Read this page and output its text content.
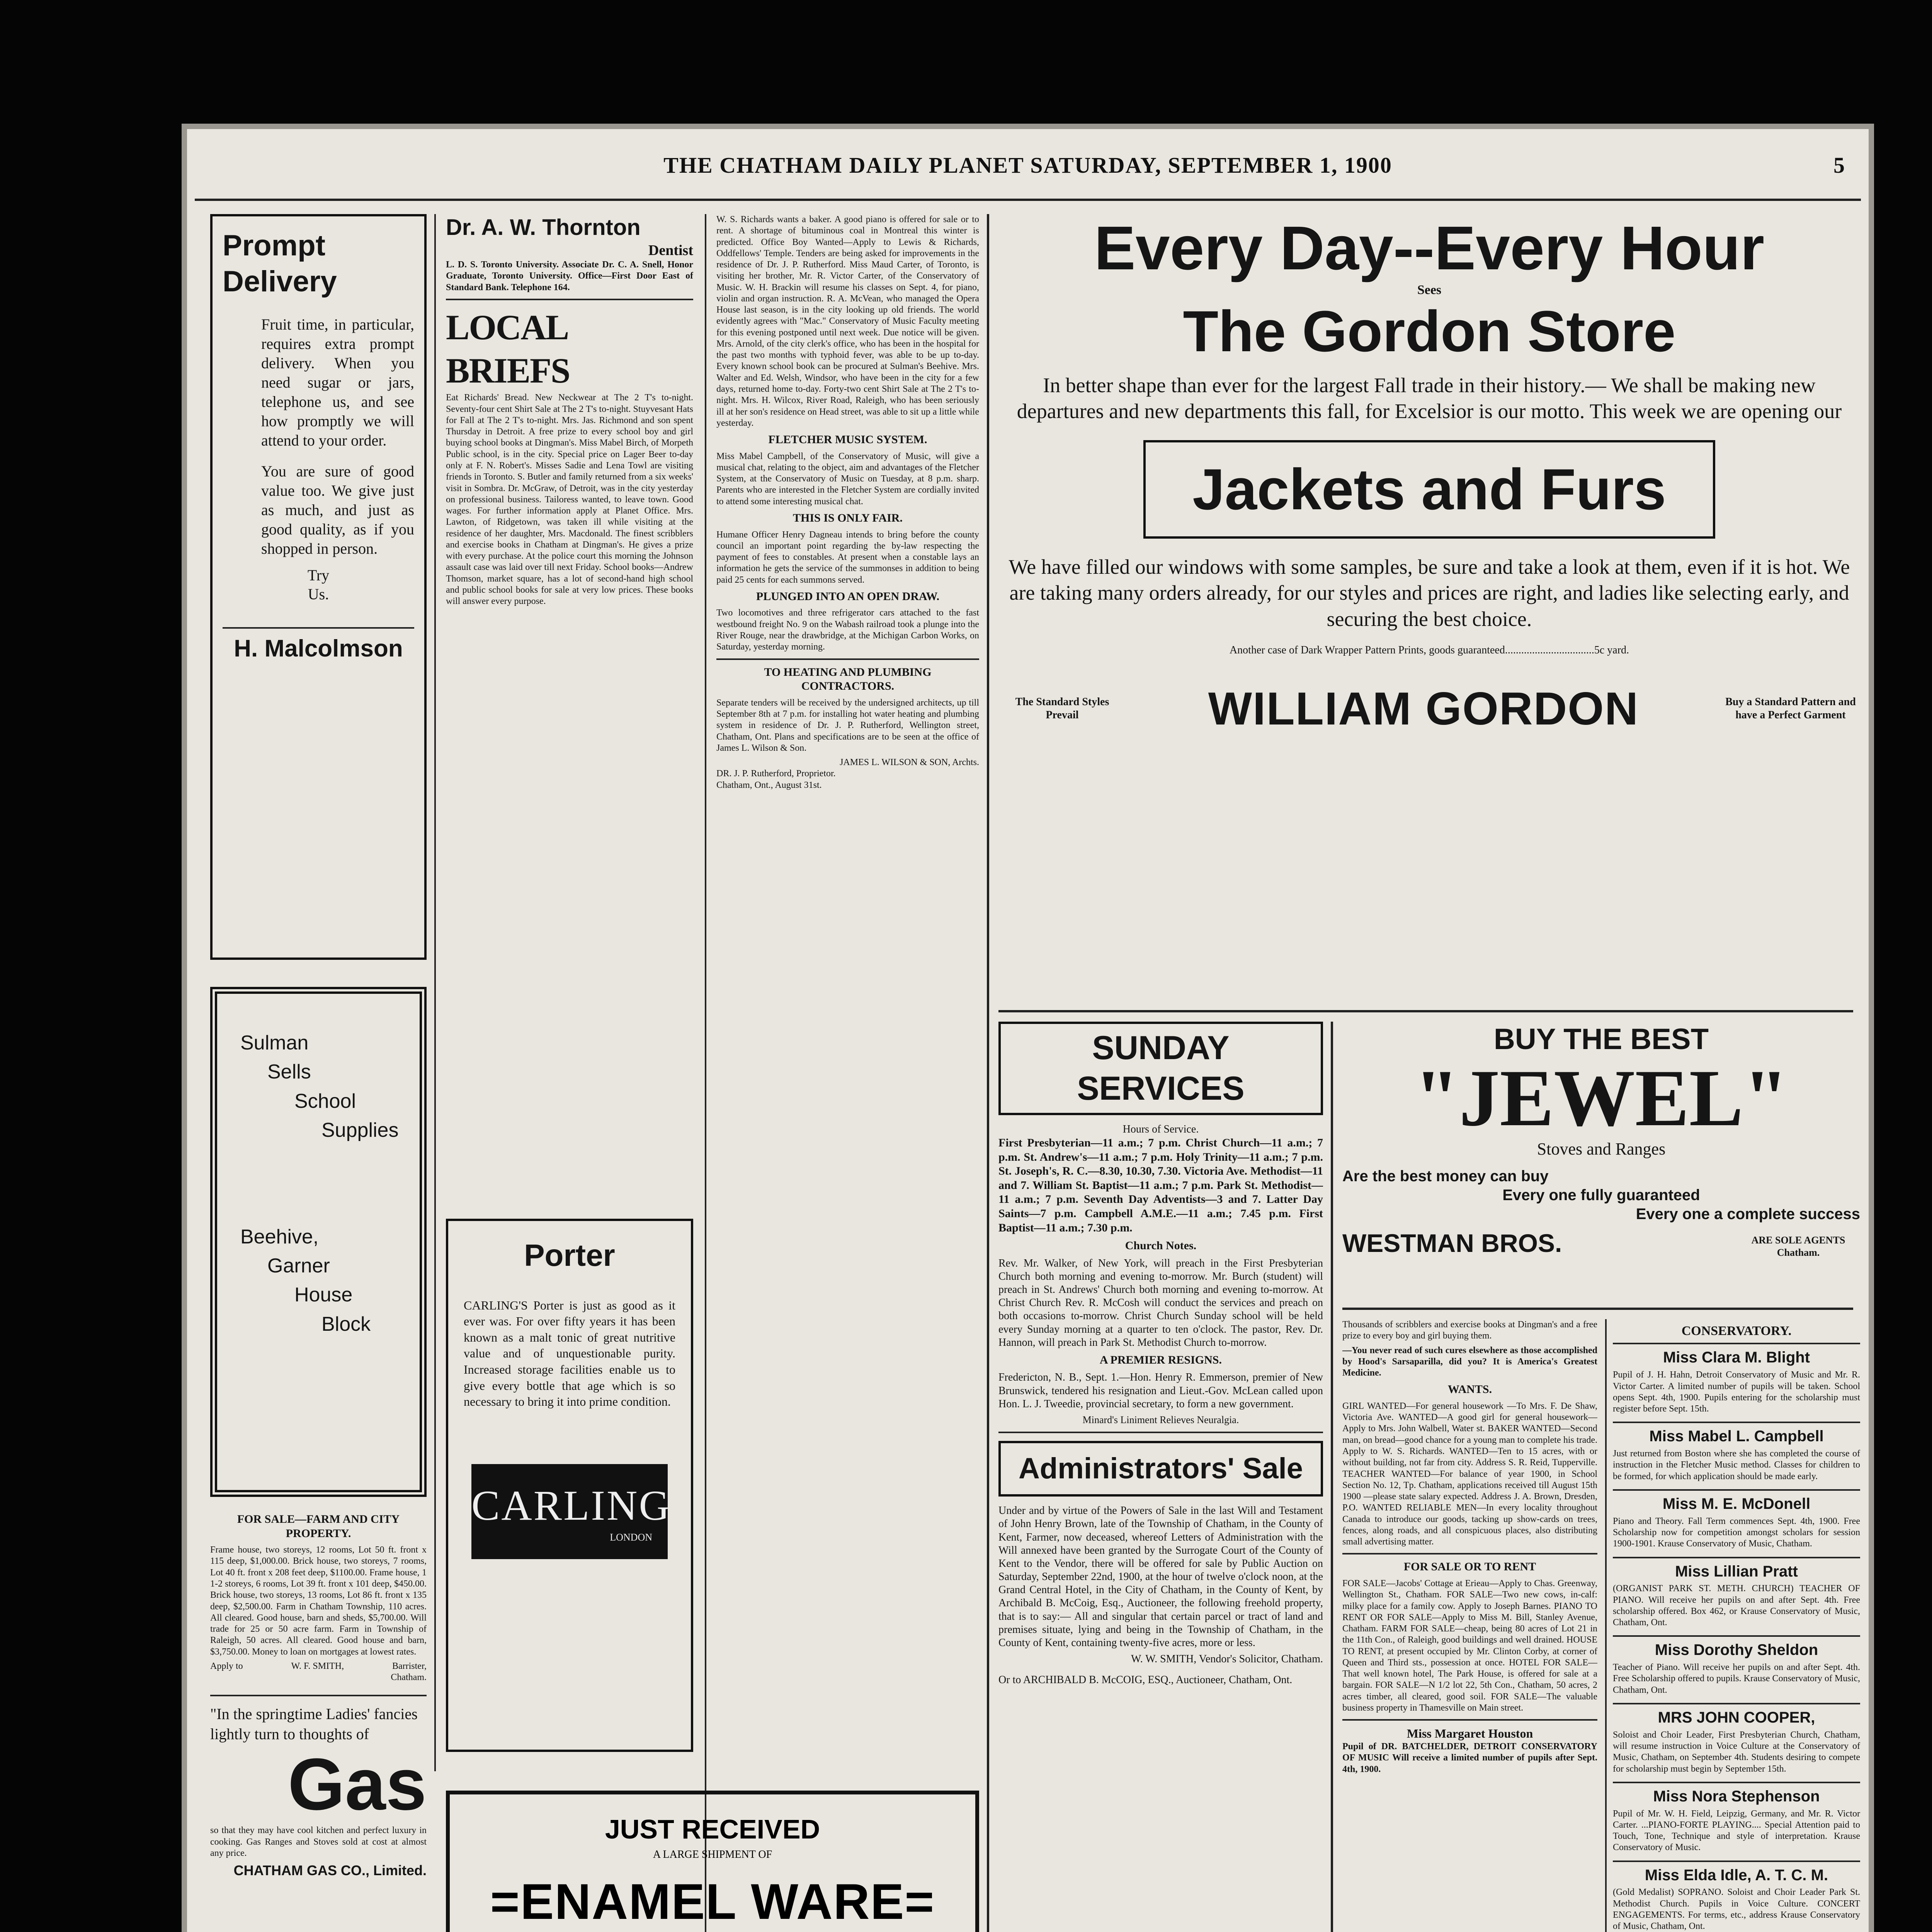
THE CHATHAM DAILY PLANET SATURDAY, SEPTEMBER 1, 1900	5
Prompt
Delivery

Fruit time, in particular, requires extra prompt delivery. When you need sugar or jars, telephone us, and see how promptly we will attend to your order.

You are sure of good value too. We give just as much, and just as good quality, as if you shopped in person.

Try
Us.
H. Malcolmson
Sulman
Sells
School
Supplies
Beehive,
Garner
House
Block
FOR SALE—FARM AND CITY PROPERTY.

Frame house, two storeys, 12 rooms, Lot 50 ft. front x 115 deep, $1,000.00. Brick house, two storeys, 7 rooms, Lot 40 ft. front x 208 feet deep, $1100.00. Frame house, 1 1-2 storeys, 6 rooms, Lot 39 ft. front x 101 deep, $450.00. Brick house, two storeys, 13 rooms, Lot 86 ft. front x 135 deep, $2,500.00. Farm in Chatham Township, 110 acres. All cleared. Good house, barn and sheds, $5,700.00. Will trade for 25 or 50 acre farm. Farm in Township of Raleigh, 50 acres. All cleared. Good house and barn, $3,750.00. Money to loan on mortgages at lowest rates.

Apply to	W. F. SMITH,	Barrister,
Chatham.
"In the springtime Ladies' fancies lightly turn to thoughts of
Gas

so that they may have cool kitchen and perfect luxury in cooking. Gas Ranges and Stoves sold at cost at almost any price.

CHATHAM GAS CO., Limited.
Dr. A. W. Thornton
Dentist

L. D. S. Toronto University. Associate Dr. C. A. Snell, Honor Graduate, Toronto University. Office—First Door East of Standard Bank. Telephone 164.

LOCAL BRIEFS

Eat Richards' Bread. New Neckwear at The 2 T's to-night. Seventy-four cent Shirt Sale at The 2 T's to-night. Stuyvesant Hats for Fall at The 2 T's to-night. Mrs. Jas. Richmond and son spent Thursday in Detroit. A free prize to every school boy and girl buying school books at Dingman's. Miss Mabel Birch, of Morpeth Public school, is in the city. Special price on Lager Beer to-day only at F. N. Robert's. Misses Sadie and Lena Towl are visiting friends in Toronto. S. Butler and family returned from a six weeks' visit in Sombra. Dr. McGraw, of Detroit, was in the city yesterday on professional business. Tailoress wanted, to leave town. Good wages. For further information apply at Planet Office. Mrs. Lawton, of Ridgetown, was taken ill while visiting at the residence of her daughter, Mrs. Macdonald. The finest scribblers and exercise books in Chatham at Dingman's. He gives a prize with every purchase. At the police court this morning the Johnson assault case was laid over till next Friday. School books—Andrew Thomson, market square, has a lot of second-hand high school and public school books for sale at very low prices. These books will answer every purpose.

Porter

CARLING'S Porter is just as good as it ever was. For over fifty years it has been known as a malt tonic of great nutritive value and of unquestionable purity. Increased storage facilities enable us to give every bottle that age which is so necessary to bring it into prime condition.

CARLING
LONDON

W. S. Richards wants a baker. A good piano is offered for sale or to rent. A shortage of bituminous coal in Montreal this winter is predicted. Office Boy Wanted—Apply to Lewis & Richards, Oddfellows' Temple. Tenders are being asked for improvements in the residence of Dr. J. P. Rutherford. Miss Maud Carter, of Toronto, is visiting her brother, Mr. R. Victor Carter, of the Conservatory of Music. W. H. Brackin will resume his classes on Sept. 4, for piano, violin and organ instruction. R. A. McVean, who managed the Opera House last season, is in the city looking up old friends. The world evidently agrees with "Mac." Conservatory of Music Faculty meeting for this evening postponed until next week. Due notice will be given. Mrs. Arnold, of the city clerk's office, who has been in the hospital for the past two months with typhoid fever, was able to be up to-day. Every known school book can be procured at Sulman's Beehive. Mrs. Walter and Ed. Welsh, Windsor, who have been in the city for a few days, returned home to-day. Forty-two cent Shirt Sale at The 2 T's to-night. Mrs. H. Wilcox, River Road, Raleigh, who has been seriously ill at her son's residence on Head street, was able to sit up a little while yesterday.

FLETCHER MUSIC SYSTEM.

Miss Mabel Campbell, of the Conservatory of Music, will give a musical chat, relating to the object, aim and advantages of the Fletcher System, at the Conservatory of Music on Tuesday, at 8 p.m. sharp. Parents who are interested in the Fletcher System are cordially invited to attend some interesting musical chat.

THIS IS ONLY FAIR.

Humane Officer Henry Dagneau intends to bring before the county council an important point regarding the by-law respecting the payment of fees to constables. At present when a constable lays an information he gets the service of the summonses in addition to being paid 25 cents for each summons served.

PLUNGED INTO AN OPEN DRAW.

Two locomotives and three refrigerator cars attached to the fast westbound freight No. 9 on the Wabash railroad took a plunge into the River Rouge, near the drawbridge, at the Michigan Carbon Works, on Saturday, yesterday morning.

TO HEATING AND PLUMBING CONTRACTORS.

Separate tenders will be received by the undersigned architects, up till September 8th at 7 p.m. for installing hot water heating and plumbing system in residence of Dr. J. P. Rutherford, Wellington street, Chatham, Ont. Plans and specifications are to be seen at the office of James L. Wilson & Son.

JAMES L. WILSON & SON, Archts.
DR. J. P. Rutherford, Proprietor.
Chatham, Ont., August 31st.
JUST RECEIVED
A LARGE SHIPMENT OF
=ENAMEL WARE=
Every Day--Every Hour
Sees
The Gordon Store
In better shape than ever for the largest Fall trade in their history.— We shall be making new departures and new departments this fall, for Excelsior is our motto. This week we are opening our
Jackets and Furs
We have filled our windows with some samples, be sure and take a look at them, even if it is hot. We are taking many orders already, for our styles and prices are right, and ladies like selecting early, and securing the best choice.
Another case of Dark Wrapper Pattern Prints, goods guaranteed.................................5c yard.
The Standard Styles Prevail	WILLIAM GORDON	Buy a Standard Pattern and have a Perfect Garment
SUNDAY SERVICES
Hours of Service.

First Presbyterian—11 a.m.; 7 p.m. Christ Church—11 a.m.; 7 p.m. St. Andrew's—11 a.m.; 7 p.m. Holy Trinity—11 a.m.; 7 p.m. St. Joseph's, R. C.—8.30, 10.30, 7.30. Victoria Ave. Methodist—11 and 7. William St. Baptist—11 a.m.; 7 p.m. Park St. Methodist—11 a.m.; 7 p.m. Seventh Day Adventists—3 and 7. Latter Day Saints—7 p.m. Campbell A.M.E.—11 a.m.; 7.45 p.m. First Baptist—11 a.m.; 7.30 p.m.

Church Notes.

Rev. Mr. Walker, of New York, will preach in the First Presbyterian Church both morning and evening to-morrow. Mr. Burch (student) will preach in St. Andrews' Church both morning and evening to-morrow. At Christ Church Rev. R. McCosh will conduct the services and preach on both occasions to-morrow. Christ Church Sunday school will be held every Sunday morning at a quarter to ten o'clock. The pastor, Rev. Dr. Hannon, will preach in Park St. Methodist Church to-morrow.

A PREMIER RESIGNS.

Fredericton, N. B., Sept. 1.—Hon. Henry R. Emmerson, premier of New Brunswick, tendered his resignation and Lieut.-Gov. McLean called upon Hon. L. J. Tweedie, provincial secretary, to form a new government.

Minard's Liniment Relieves Neuralgia.
Administrators' Sale

Under and by virtue of the Powers of Sale in the last Will and Testament of John Henry Brown, late of the Township of Chatham, in the County of Kent, Farmer, now deceased, whereof Letters of Administration with the Will annexed have been granted by the Surrogate Court of the County of Kent to the Vendor, there will be offered for sale by Public Auction on Saturday, September 22nd, 1900, at the hour of twelve o'clock noon, at the Grand Central Hotel, in the City of Chatham, in the County of Kent, by Archibald B. McCoig, Esq., Auctioneer, the following freehold property, that is to say:— All and singular that certain parcel or tract of land and premises situate, lying and being in the Township of Chatham, in the County of Kent, containing twenty-five acres, more or less.

W. W. SMITH, Vendor's Solicitor, Chatham.
Or to ARCHIBALD B. McCOIG, ESQ., Auctioneer, Chatham, Ont.
BUY THE BEST
"JEWEL"
Stoves and Ranges
Are the best money can buy
Every one fully guaranteed
Every one a complete success
WESTMAN BROS.	ARE SOLE AGENTS Chatham.

Thousands of scribblers and exercise books at Dingman's and a free prize to every boy and girl buying them.

—You never read of such cures elsewhere as those accomplished by Hood's Sarsaparilla, did you? It is America's Greatest Medicine.

WANTS.

GIRL WANTED—For general housework —To Mrs. F. De Shaw, Victoria Ave. WANTED—A good girl for general housework—Apply to Mrs. John Walbell, Water st. BAKER WANTED—Second man, on bread—good chance for a young man to complete his trade. Apply to W. S. Richards. WANTED—Ten to 15 acres, with or without building, not far from city. Address S. R. Reid, Tupperville. TEACHER WANTED—For balance of year 1900, in School Section No. 12, Tp. Chatham, applications received till August 15th 1900 —please state salary expected. Address J. A. Brown, Dresden, P.O. WANTED RELIABLE MEN—In every locality throughout Canada to introduce our goods, tacking up show-cards on trees, fences, along roads, and all conspicuous places, also distributing small advertising matter.

FOR SALE OR TO RENT

FOR SALE—Jacobs' Cottage at Erieau—Apply to Chas. Greenway, Wellington St., Chatham. FOR SALE—Two new cows, in-calf: milky place for a family cow. Apply to Joseph Barnes. PIANO TO RENT OR FOR SALE—Apply to Miss M. Bill, Stanley Avenue, Chatham. FARM FOR SALE—cheap, being 80 acres of Lot 21 in the 11th Con., of Raleigh, good buildings and well drained. HOUSE TO RENT, at present occupied by Mr. Clinton Corby, at corner of Queen and Third sts., possession at once. HOTEL FOR SALE—That well known hotel, The Park House, is offered for sale at a bargain. FOR SALE—N 1/2 lot 22, 5th Con., Chatham, 50 acres, 2 acres timber, all cleared, good soil. FOR SALE—The valuable business property in Thamesville on Main street.

Miss Margaret Houston

Pupil of DR. BATCHELDER, DETROIT CONSERVATORY OF MUSIC Will receive a limited number of pupils after Sept. 4th, 1900.

CONSERVATORY.
Miss Clara M. Blight

Pupil of J. H. Hahn, Detroit Conservatory of Music and Mr. R. Victor Carter. A limited number of pupils will be taken. School opens Sept. 4th, 1900. Pupils entering for the scholarship must register before Sept. 15th.

Miss Mabel L. Campbell

Just returned from Boston where she has completed the course of instruction in the Fletcher Music method. Classes for children to be formed, for which application should be made early.

Miss M. E. McDonell

Piano and Theory. Fall Term commences Sept. 4th, 1900. Free Scholarship now for competition amongst scholars for session 1900-1901. Krause Conservatory of Music, Chatham.

Miss Lillian Pratt

(ORGANIST PARK ST. METH. CHURCH) TEACHER OF PIANO. Will receive her pupils on and after Sept. 4th. Free scholarship offered. Box 462, or Krause Conservatory of Music, Chatham, Ont.

Miss Dorothy Sheldon

Teacher of Piano. Will receive her pupils on and after Sept. 4th. Free Scholarship offered to pupils. Krause Conservatory of Music, Chatham, Ont.

MRS JOHN COOPER,

Soloist and Choir Leader, First Presbyterian Church, Chatham, will resume instruction in Voice Culture at the Conservatory of Music, Chatham, on September 4th. Students desiring to compete for scholarship must begin by September 15th.

Miss Nora Stephenson

Pupil of Mr. W. H. Field, Leipzig, Germany, and Mr. R. Victor Carter. ...PIANO-FORTE PLAYING.... Special Attention paid to Touch, Tone, Technique and style of interpretation. Krause Conservatory of Music.

Miss Elda Idle, A. T. C. M.

(Gold Medalist) SOPRANO. Soloist and Choir Leader Park St. Methodist Church. Pupils in Voice Culture. CONCERT ENGAGEMENTS. For terms, etc., address Krause Conservatory of Music, Chatham, Ont.
